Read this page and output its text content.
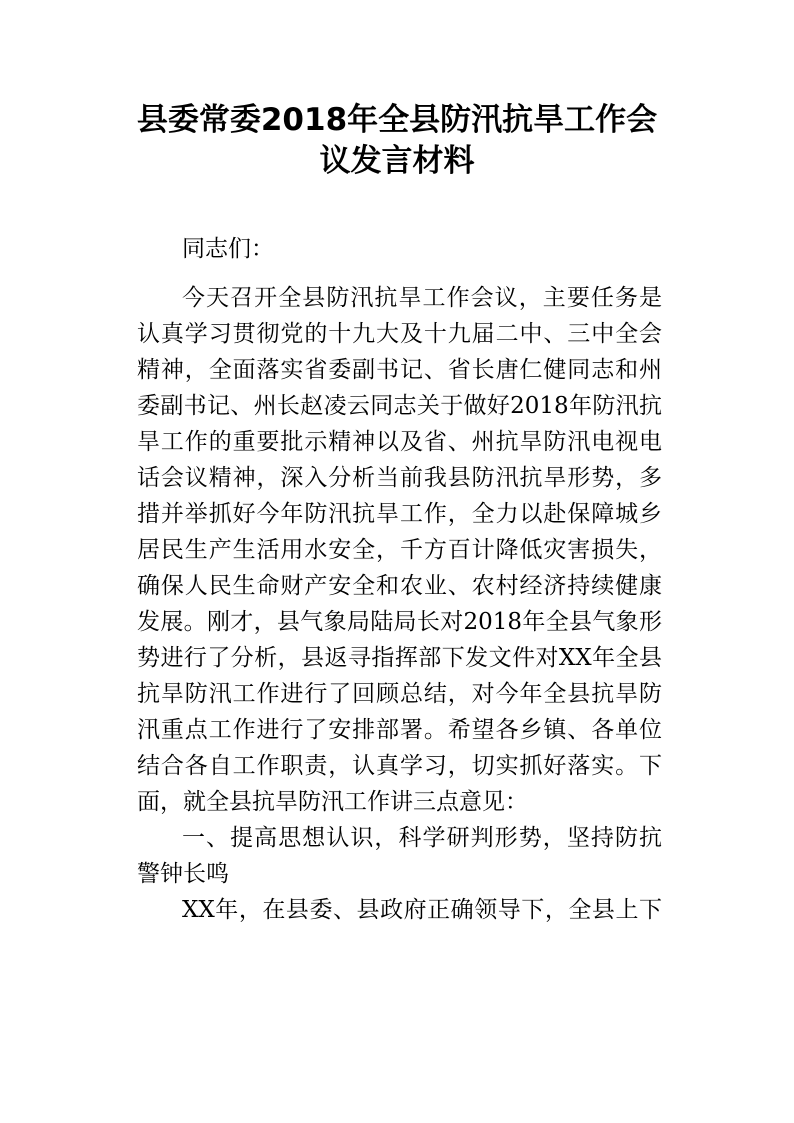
县委常委2018年全县防汛抗旱工作会
议发言材料

同志们：

今天召开全县防汛抗旱工作会议，主要任务是

认真学习贯彻党的十九大及十九届二中、三中全会

精神，全面落实省委副书记、省长唐仁健同志和州

委副书记、州长赵凌云同志关于做好2018年防汛抗

旱工作的重要批示精神以及省、州抗旱防汛电视电

话会议精神，深入分析当前我县防汛抗旱形势，多

措并举抓好今年防汛抗旱工作，全力以赴保障城乡

居民生产生活用水安全，千方百计降低灾害损失，

确保人民生命财产安全和农业、农村经济持续健康

发展。刚才，县气象局陆局长对2018年全县气象形

势进行了分析，县返寻指挥部下发文件对XX年全县

抗旱防汛工作进行了回顾总结，对今年全县抗旱防

汛重点工作进行了安排部署。希望各乡镇、各单位

结合各自工作职责，认真学习，切实抓好落实。下

面，就全县抗旱防汛工作讲三点意见：

一、提高思想认识，科学研判形势，坚持防抗

警钟长鸣

XX年，在县委、县政府正确领导下，全县上下
